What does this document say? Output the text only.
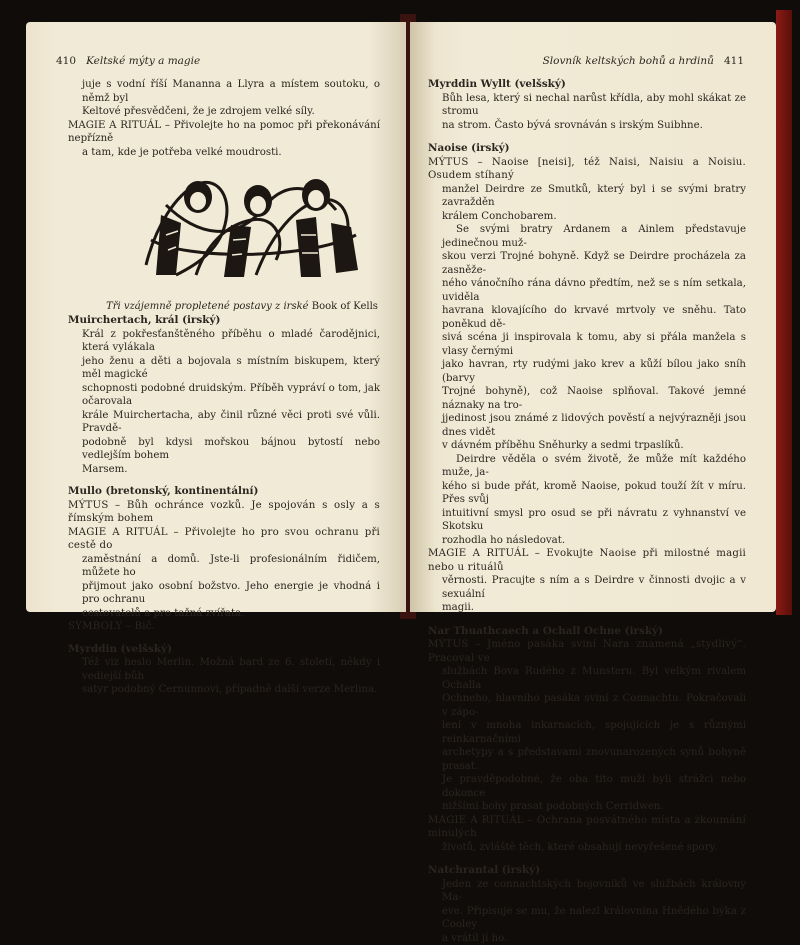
410 Keltské mýty a magie
juje s vodní říší Mananna a Llyra a místem soutoku, o němž byl
Keltové přesvědčeni, že je zdrojem velké síly.
MAGIE A RITUÁL – Přivolejte ho na pomoc při překonávání nepřízně
a tam, kde je potřeba velké moudrosti.
Tři vzájemně propletené postavy z irské Book of Kells
Muirchertach, král (irský)
Král z pokřesťanštěného příběhu o mladé čarodějnici, která vylákala
jeho ženu a děti a bojovala s místním biskupem, který měl magické
schopnosti podobné druidským. Příběh vypráví o tom, jak očarovala
krále Muirchertacha, aby činil různé věci proti své vůli. Pravdě-
podobně byl kdysi mořskou bájnou bytostí nebo vedlejším bohem
Marsem.
Mullo (bretonský, kontinentální)
MÝTUS – Bůh ochránce vozků. Je spojován s osly a s římským bohem
MAGIE A RITUÁL – Přivolejte ho pro svou ochranu při cestě do
zaměstnání a domů. Jste-li profesionálním řidičem, můžete ho
přijmout jako osobní božstvo. Jeho energie je vhodná i pro ochranu
cestovatelů a pro tažná zvířata.
SYMBOLY – Bič.
Myrddin (velšský)
Též viz heslo Merlin. Možná bard ze 6. století, někdy i vedlejší bůh
satyr podobný Cernunnovi, případně další verze Merlina.
Slovník keltských bohů a hrdinů 411
Myrddin Wyllt (velšský)
Bůh lesa, který si nechal narůst křídla, aby mohl skákat ze stromu
na strom. Často bývá srovnáván s irským Suibhne.
Naoise (irský)
MÝTUS – Naoise [neisi], též Naisi, Naisiu a Noisiu. Osudem stíhaný
manžel Deirdre ze Smutků, který byl i se svými bratry zavražděn
králem Conchobarem.
Se svými bratry Ardanem a Ainlem představuje jedinečnou muž-
skou verzi Trojné bohyně. Když se Deirdre procházela za zasněže-
ného vánočního rána dávno předtím, než se s ním setkala, uviděla
havrana klovajícího do krvavé mrtvoly ve sněhu. Tato poněkud dě-
sivá scéna ji inspirovala k tomu, aby si přála manžela s vlasy černými
jako havran, rty rudými jako krev a kůží bílou jako sníh (barvy
Trojné bohyně), což Naoise splňoval. Takové jemné náznaky na tro-
jjedinost jsou známé z lidových pověstí a nejvýrazněji jsou dnes vidět
v dávném příběhu Sněhurky a sedmi trpaslíků.
Deirdre věděla o svém životě, že může mít každého muže, ja-
kého si bude přát, kromě Naoise, pokud touží žít v míru. Přes svůj
intuitivní smysl pro osud se při návratu z vyhnanství ve Skotsku
rozhodla ho následovat.
MAGIE A RITUÁL – Evokujte Naoise při milostné magii nebo u rituálů
věrnosti. Pracujte s ním a s Deirdre v činnosti dvojic a v sexuální
magii.
Nar Thuathcaech a Ochall Ochne (irský)
MÝTUS – Jméno pasáka sviní Nara znamená „stydlivý“. Pracoval ve
službách Bova Rudého z Munsteru. Byl velkým rivalem Ochalla
Ochneho, hlavního pasáka sviní z Connachtu. Pokračovali v zápo-
lení v mnoha inkarnacích, spojujících je s různými reinkarnačními
archetypy a s představami znovunarozených synů bohyně prasat.
Je pravděpodobné, že oba tito muži byli strážci nebo dokonce
nižšími bohy prasat podobných Cerridwen.
MAGIE A RITUÁL – Ochrana posvátného místa a zkoumání minulých
životů, zvláště těch, které obsahují nevyřešené spory.
Natchrantal (irský)
Jeden ze connachtských bojovníků ve službách královny Ma-
eve. Připisuje se mu, že nalezl královnina Hnědého býka z Cooley
a vrátil jí ho.
